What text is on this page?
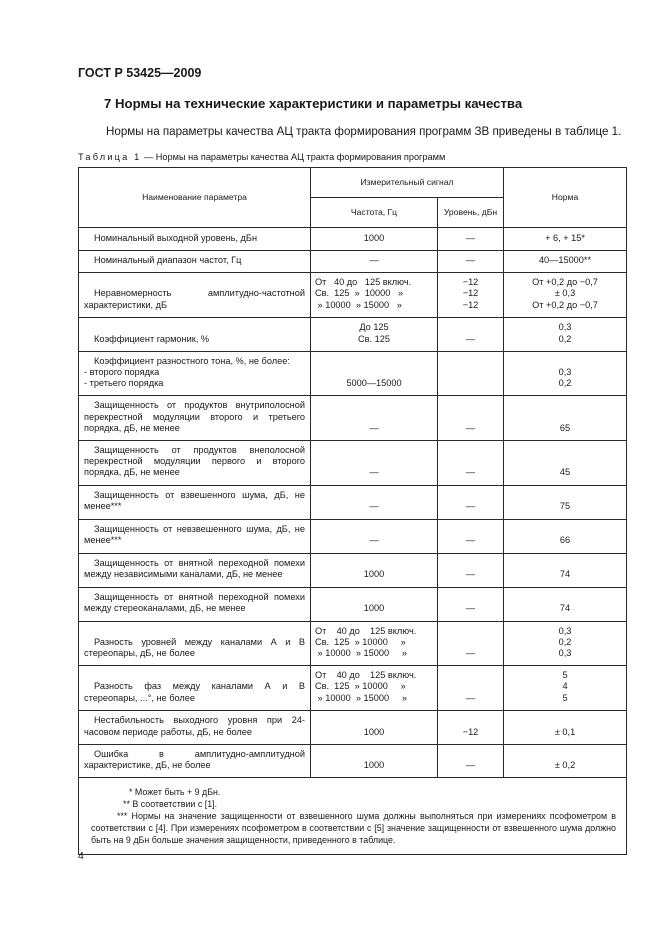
ГОСТ Р 53425—2009
7 Нормы на технические характеристики и параметры качества
Нормы на параметры качества АЦ тракта формирования программ ЗВ приведены в таблице 1.
Таблица 1 — Нормы на параметры качества АЦ тракта формирования программ
Наименование параметра	Измерительный сигнал		Норма
	Частота, Гц	Уровень, дБн	

Номинальный выходной уровень, дБн	1000	—	+ 6, + 15*

Номинальный диапазон частот, Гц	—	—	40—15000**

Неравномерность амплитудно-частотной характеристики, дБ	От   40 до   125 включ.
Св.  125  »  10000   »
» 10000  » 15000   »	−12
−12
−12	От +0,2 до −0,7
± 0,3
От +0,2 до −0,7

Коэффициент гармоник, %	До 125
Св. 125	—	0,3
0,2

Коэффициент разностного тона, %, не более:
- второго порядка
- третьего порядка	5000—15000		0,3
0,2

Защищенность от продуктов внутриполосной перекрестной модуляции второго и третьего порядка, дБ, не менее	—	—	65

Защищенность от продуктов внеполосной перекрестной модуляции первого и второго порядка, дБ, не менее	—	—	45

Защищенность от взвешенного шума, дБ, не менее***	—	—	75

Защищенность от невзвешенного шума, дБ, не менее***	—	—	66

Защищенность от внятной переходной помехи между независимыми каналами, дБ, не менее	1000	—	74

Защищенность от внятной переходной помехи между стереоканалами, дБ, не менее	1000	—	74

Разность уровней между каналами А и В стереопары, дБ, не более	От    40 до    125 включ.
Св.  125  » 10000     »
» 10000  » 15000     »	—	0,3
0,2
0,3

Разность фаз между каналами А и В стереопары, ...°, не более	От    40 до    125 включ.
Св.  125  » 10000     »
» 10000  » 15000     »	—	5
4
5

Нестабильность выходного уровня при 24-часовом периоде работы, дБ, не более	1000	−12	± 0,1

Ошибка в амплитудно-амплитудной характеристике, дБ, не более	1000	—	± 0,2

* Может быть + 9 дБн.
** В соответствии с [1].
*** Нормы на значение защищенности от взвешенного шума должны выполняться при измерениях псофометром в соответствии с [4]. При измерениях псофометром в соответствии с [5] значение защищенности от взвешенного шума должно быть на 9 дБн больше значения защищенности, приведенного в таблице.			
4
